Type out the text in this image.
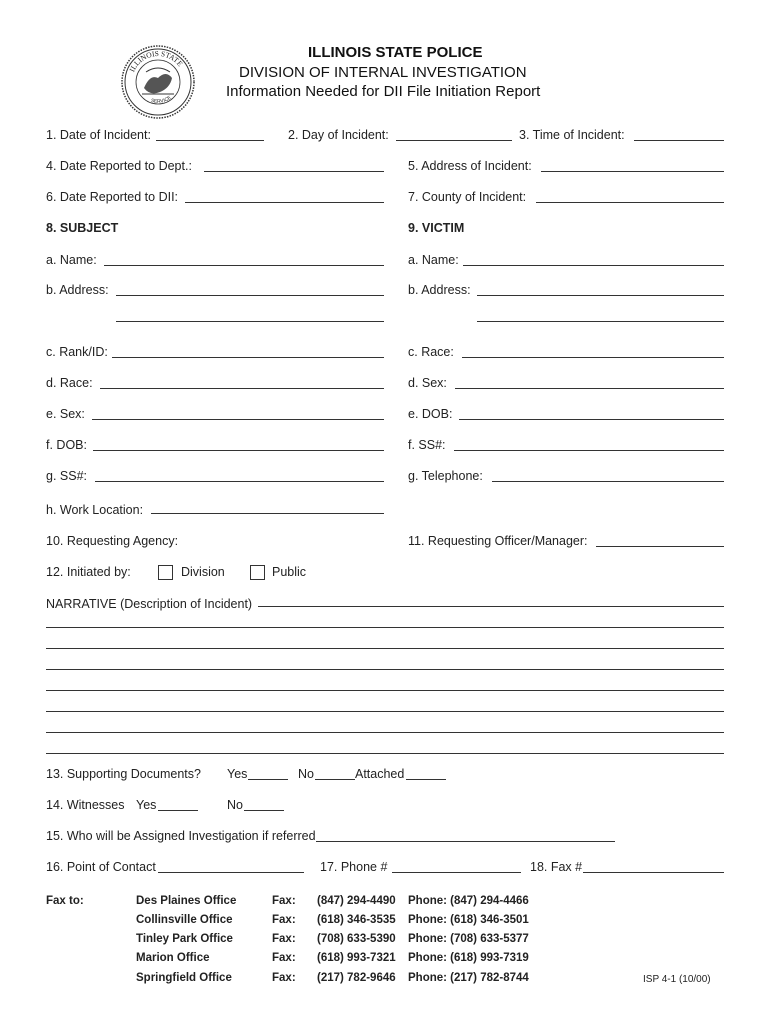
ILLINOIS STATE
SERVICE
ILLINOIS STATE POLICE
DIVISION OF INTERNAL INVESTIGATION
Information Needed for DII File Initiation Report
1. Date of Incident:	2. Day of Incident:	3. Time of Incident:
4. Date Reported to Dept.:	5. Address of Incident:
6. Date Reported to DII:	7. County of Incident:
8. SUBJECT	9. VICTIM
a. Name:	a. Name:
b. Address:	b. Address:
c. Rank/ID:	c. Race:
d. Race:	d. Sex:
e. Sex:	e. DOB:
f. DOB:	f. SS#:
g. SS#:	g. Telephone:
h. Work Location:
10. Requesting Agency:	11. Requesting Officer/Manager:
12. Initiated by:	Division	Public
NARRATIVE (Description of Incident)
13. Supporting Documents? Yes	No	Attached
14. Witnesses Yes	No
15. Who will be Assigned Investigation if referred
16. Point of Contact	17. Phone #	18. Fax #
Fax to:	Des Plaines Office	Fax: (847) 294-4490 Phone: (847) 294-4466
Collinsville Office	Fax: (618) 346-3535 Phone: (618) 346-3501
Tinley Park Office	Fax: (708) 633-5390 Phone: (708) 633-5377
Marion Office	Fax: (618) 993-7321 Phone: (618) 993-7319
Springfield Office	Fax: (217) 782-9646 Phone: (217) 782-8744	ISP 4-1 (10/00)
